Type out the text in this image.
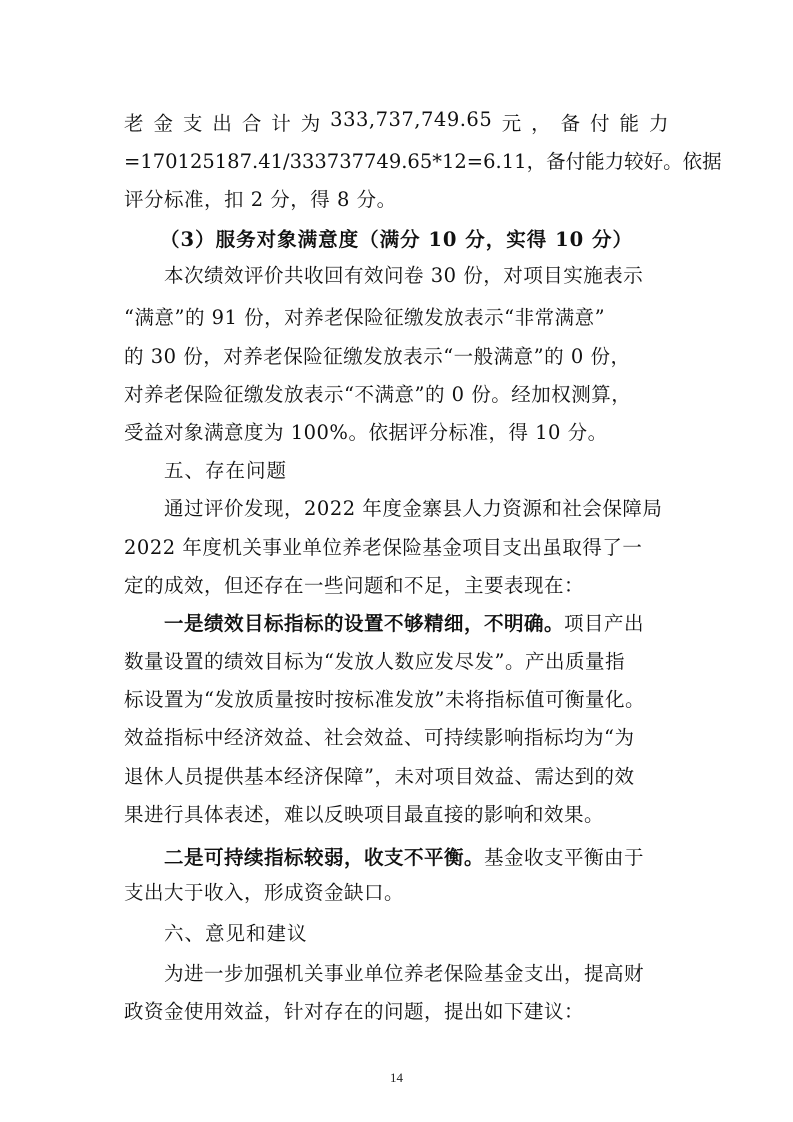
老 金 支 出 合 计 为 333,737,749.65 元 ， 备 付 能 力
=170125187.41/333737749.65*12=6.11，备付能力较好。依据
评分标准，扣 2 分，得 8 分。
（3）服务对象满意度（满分 10 分，实得 10 分）
本次绩效评价共收回有效问卷 30 份，对项目实施表示
“满意”的 91 份，对养老保险征缴发放表示“非常满意”
的 30 份，对养老保险征缴发放表示“一般满意”的 0 份，
对养老保险征缴发放表示“不满意”的 0 份。经加权测算，
受益对象满意度为 100%。依据评分标准，得 10 分。
五、存在问题
通过评价发现，2022 年度金寨县人力资源和社会保障局
2022 年度机关事业单位养老保险基金项目支出虽取得了一
定的成效，但还存在一些问题和不足，主要表现在：
一是绩效目标指标的设置不够精细，不明确。项目产出
数量设置的绩效目标为“发放人数应发尽发”。产出质量指
标设置为“发放质量按时按标准发放”未将指标值可衡量化。
效益指标中经济效益、社会效益、可持续影响指标均为“为
退休人员提供基本经济保障”，未对项目效益、需达到的效
果进行具体表述，难以反映项目最直接的影响和效果。
二是可持续指标较弱，收支不平衡。基金收支平衡由于
支出大于收入，形成资金缺口。
14
六、意见和建议
为进一步加强机关事业单位养老保险基金支出，提高财
政资金使用效益，针对存在的问题，提出如下建议：
